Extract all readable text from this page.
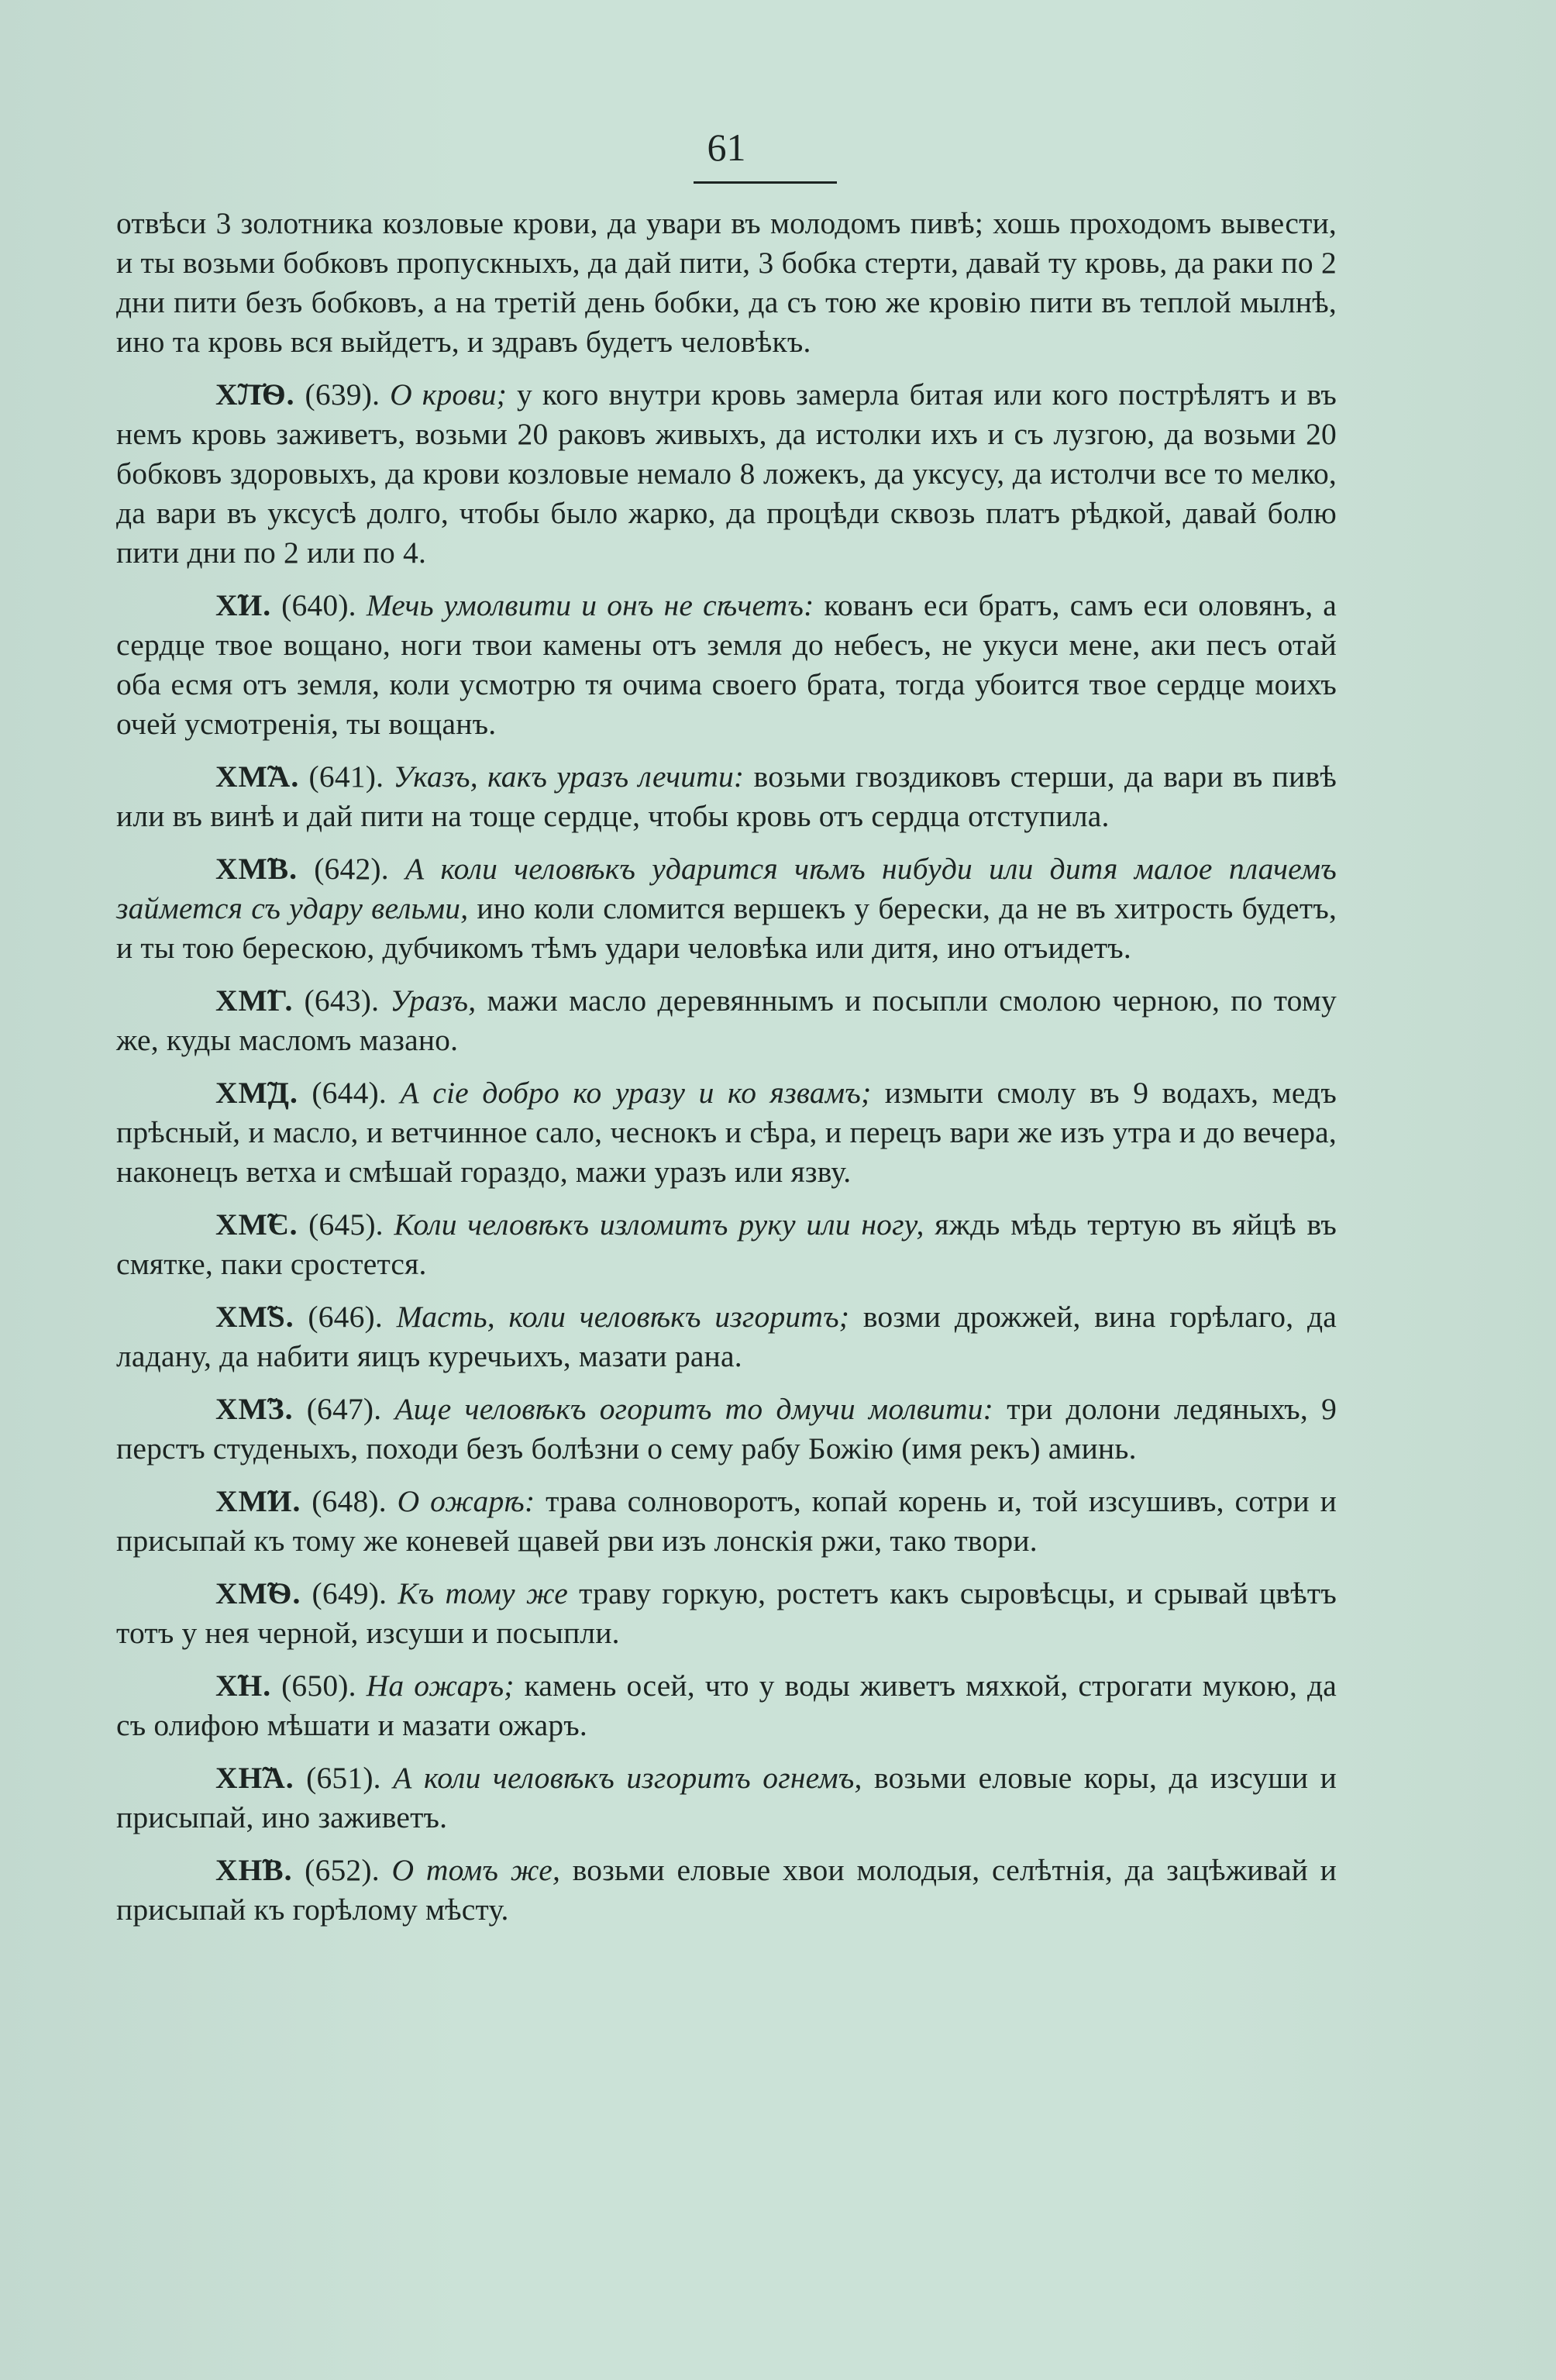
61

отвѣси 3 золотника козловые крови, да увари въ молодомъ пивѣ; хошь проходомъ вывести, и ты возьми бобковъ пропускныхъ, да дай пити, 3 бобка стерти, давай ту кровь, да раки по 2 дни пити безъ бобковъ, а на третій день бобки, да съ тою же кровію пити въ теплой мылнѣ, ино та кровь вся выйдетъ, и здравъ будетъ человѣкъ.

Х̃Л҃Ѳ. (639). О крови; у кого внутри кровь замерла битая или кого пострѣлятъ и въ немъ кровь заживетъ, возьми 20 раковъ живыхъ, да истолки ихъ и съ лузгою, да возьми 20 бобковъ здоровыхъ, да крови козловые немало 8 ложекъ, да уксусу, да истолчи все то мелко, да вари въ уксусѣ долго, чтобы было жарко, да процѣди сквозь платъ рѣдкой, давай болю пити дни по 2 или по 4.

Х̃И. (640). Мечь умолвити и онъ не сѣчетъ: кованъ еси братъ, самъ еси оловянъ, а сердце твое вощано, ноги твои камены отъ земля до небесъ, не укуси мене, аки песъ отай оба есмя отъ земля, коли усмотрю тя очима своего брата, тогда убоится твое сердце моихъ очей усмотренія, ты вощанъ.

ХМ̃А. (641). Указъ, какъ уразъ лечити: возьми гвоздиковъ стерши, да вари въ пивѣ или въ винѣ и дай пити на тоще сердце, чтобы кровь отъ сердца отступила.

ХМ̃В. (642). А коли человѣкъ ударится чѣмъ нибуди или дитя малое плачемъ займется съ удару вельми, ино коли сломится вершекъ у берески, да не въ хитрость будетъ, и ты тою берескою, дубчикомъ тѣмъ удари человѣка или дитя, ино отъидетъ.

ХМ̃Г. (643). Уразъ, мажи масло деревяннымъ и посыпли смолою черною, по тому же, куды масломъ мазано.

ХМ̃Д. (644). А сіе добро ко уразу и ко язвамъ; измыти смолу въ 9 водахъ, медъ прѣсный, и масло, и ветчинное сало, чеснокъ и сѣра, и перецъ вари же изъ утра и до вечера, наконецъ ветха и смѣшай гораздо, мажи уразъ или язву.

ХМ̃Є. (645). Коли человѣкъ изломитъ руку или ногу, яждь мѣдь тертую въ яйцѣ въ смятке, паки сростется.

ХМ̃Ѕ. (646). Масть, коли человѣкъ изгоритъ; возми дрожжей, вина горѣлаго, да ладану, да набити яицъ куречьихъ, мазати рана.

ХМ̃З. (647). Аще человѣкъ огоритъ то дмучи молвити: три долони ледяныхъ, 9 перстъ студеныхъ, походи безъ болѣзни о сему рабу Божію (имя рекъ) аминь.

ХМ̃И. (648). О ожарѣ: трава солноворотъ, копай корень и, той изсушивъ, сотри и присыпай къ тому же коневей щавей рви изъ лонскія ржи, тако твори.

ХМ̃Ѳ. (649). Къ тому же траву горкую, ростетъ какъ сыровѣсцы, и срывай цвѣтъ тотъ у нея черной, изсуши и посыпли.

Х̃Н. (650). На ожаръ; камень осей, что у воды живетъ мяхкой, строгати мукою, да съ олифою мѣшати и мазати ожаръ.

ХН̃А. (651). А коли человѣкъ изгоритъ огнемъ, возьми еловые коры, да изсуши и присыпай, ино заживетъ.

ХН̃В. (652). О томъ же, возьми еловые хвои молодыя, селѣтнія, да зацѣживай и присыпай къ горѣлому мѣсту.
